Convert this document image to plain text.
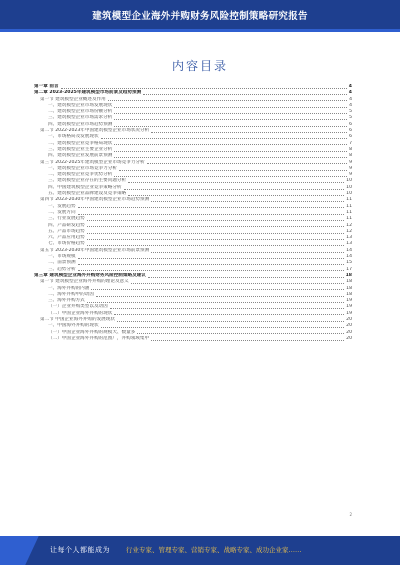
建筑模型企业海外并购财务风险控制策略研究报告
内容目录
第一章 前言	4
第二章 2023-2025年建筑模型市场前景及趋势预测	4
第一节 建筑模型企业概述及作用	4
一、建筑模型企业市场发展现状	4
二、建筑模型企业市场份额分析	5
三、建筑模型企业市场需求分析	5
四、建筑模型企业市场趋势预测	6
第二节 2022-2023年中国建筑模型企业市场状况分析	6
一、市场格局及发展现状	6
二、建筑模型企业竞争格局现状	7
三、建筑模型企业主要企业分析	8
四、建筑模型企业发展前景预测	8
第三节 2022-2025年建筑模型企业市场竞争力分析	9
一、建筑模型企业市场竞争力分析	9
二、建筑模型企业竞争优势分析	9
三、建筑模型企业存在的主要问题分析	10
四、中国建筑模型企业竞争策略分析	10
五、建筑模型企业品牌建设及竞争策略	10
第四节 2023-2030年中国建筑模型企业市场趋势预测	11
一、发展趋势	11
二、发展方向	11
三、行业发展趋势	11
四、产品研发趋势	12
五、产品市场趋势	12
六、产品应用趋势	13
七、市场价格趋势	13
第五节 2023-2030年中国建筑模型企业市场前景预测	14
一、市场规模	14
二、前景预测	15
三、趋势分析	17
第三章 建筑模型企业海外并购财务风险控制策略及建议	18
第一节 建筑模型企业海外并购的理论及意义	18
一、海外并购的内涵	18
二、海外并购中的动因	18
三、海外并购方式	19
（一）企业并购类型以及动因	19
（二）中国企业海外并购的现状	19
第二节 中国企业海外并购的发展现状	20
一、中国海外并购的现状	20
（一）中国企业海外并购的规模大、数量多	20
（二）中国企业海外并购的范围广，并购领域集中	20
2
让每个人都能成为 行业专家、管理专家、营销专家、战略专家、成功企业家……
